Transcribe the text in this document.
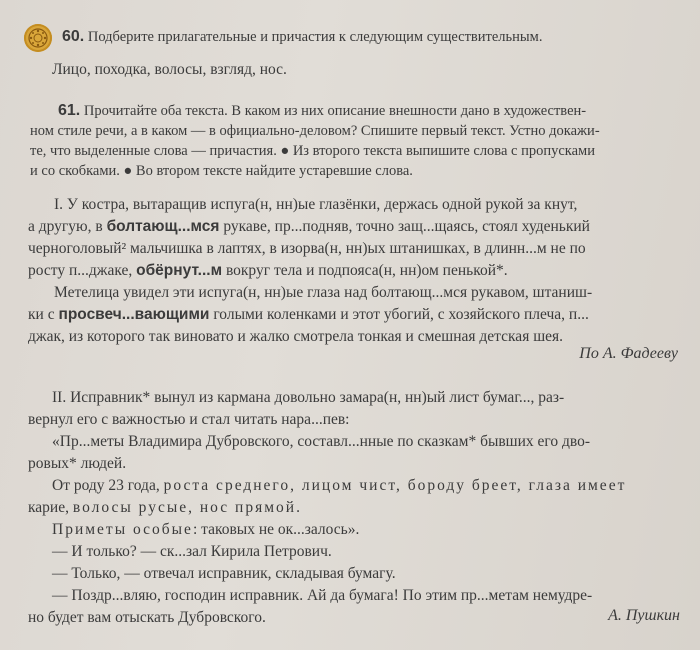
60. Подберите прилагательные и причастия к следующим существительным.
Лицо, походка, волосы, взгляд, нос.
61. Прочитайте оба текста. В каком из них описание внешности дано в художествен-
ном стиле речи, а в каком — в официально-деловом? Спишите первый текст. Устно докажи-
те, что выделенные слова — причастия. ● Из второго текста выпишите слова с пропусками
и со скобками. ● Во втором тексте найдите устаревшие слова.
I. У костра, вытаращив испуга(н, нн)ые глазёнки, держась одной рукой за кнут,
а другую, в болтающ...мся рукаве, пр...подняв, точно защ...щаясь, стоял худенький
черноголовый² мальчишка в лаптях, в изорва(н, нн)ых штанишках, в длинн...м не по
росту п...джаке, обёрнут...м вокруг тела и подпояса(н, нн)ом пенькой*.
Метелица увидел эти испуга(н, нн)ые глаза над болтающ...мся рукавом, штаниш-
ки с просвеч...вающими голыми коленками и этот убогий, с хозяйского плеча, п...
джак, из которого так виновато и жалко смотрела тонкая и смешная детская шея.
По А. Фадееву
II. Исправник* вынул из кармана довольно замара(н, нн)ый лист бумаг..., раз-
вернул его с важностью и стал читать нара...пев:
«Пр...меты Владимира Дубровского, составл...нные по сказкам* бывших его дво-
ровых* людей.
От роду 23 года, роста среднего, лицом чист, бороду бреет, глаза имеет
карие, волосы русые, нос прямой.
Приметы особые: таковых не ок...залось».
— И только? — ск...зал Кирила Петрович.
— Только, — отвечал исправник, складывая бумагу.
— Поздр...вляю, господин исправник. Ай да бумага! По этим пр...метам немудре-
но будет вам отыскать Дубровского.	А. Пушкин
